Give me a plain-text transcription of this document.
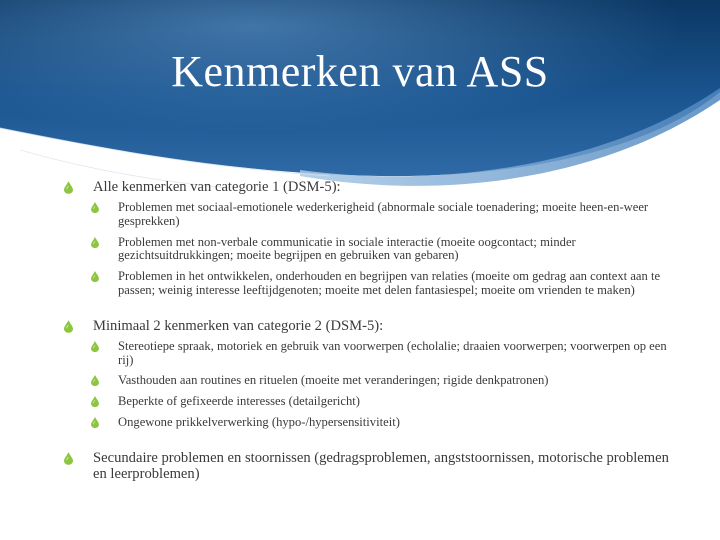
Kenmerken van ASS
Alle kenmerken van categorie 1 (DSM-5):
Problemen met sociaal-emotionele wederkerigheid (abnormale sociale toenadering; moeite heen-en-weer gesprekken)
Problemen met non-verbale communicatie in sociale interactie (moeite oogcontact; minder gezichtsuitdrukkingen; moeite begrijpen en gebruiken van gebaren)
Problemen in het ontwikkelen, onderhouden en begrijpen van relaties (moeite om gedrag aan context aan te passen; weinig interesse leeftijdgenoten; moeite met delen fantasiespel; moeite om vrienden te maken)
Minimaal 2 kenmerken van categorie 2 (DSM-5):
Stereotiepe spraak, motoriek en gebruik van voorwerpen (echolalie; draaien voorwerpen; voorwerpen op een rij)
Vasthouden aan routines en rituelen (moeite met veranderingen; rigide denkpatronen)
Beperkte of gefixeerde interesses (detailgericht)
Ongewone prikkelverwerking (hypo-/hypersensitiviteit)
Secundaire problemen en stoornissen (gedragsproblemen, angststoornissen, motorische problemen en leerproblemen)
